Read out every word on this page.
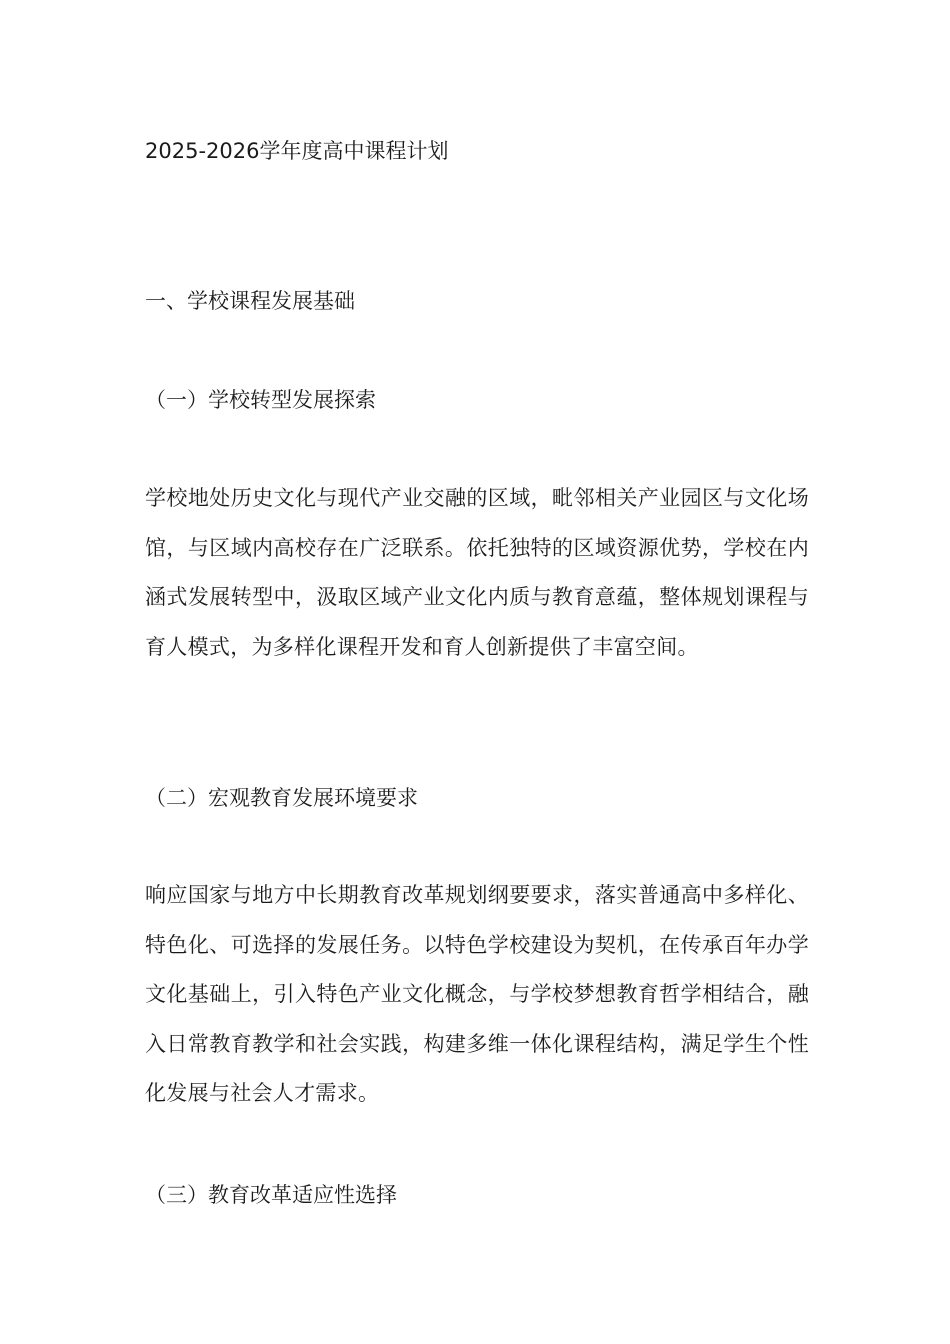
2025-2026学年度高中课程计划
一、学校课程发展基础
（一）学校转型发展探索

学校地处历史文化与现代产业交融的区域，毗邻相关产业园区与文化场馆，与区域内高校存在广泛联系。依托独特的区域资源优势，学校在内涵式发展转型中，汲取区域产业文化内质与教育意蕴，整体规划课程与育人模式，为多样化课程开发和育人创新提供了丰富空间。

（二）宏观教育发展环境要求

响应国家与地方中长期教育改革规划纲要要求，落实普通高中多样化、特色化、可选择的发展任务。以特色学校建设为契机，在传承百年办学文化基础上，引入特色产业文化概念，与学校梦想教育哲学相结合，融入日常教育教学和社会实践，构建多维一体化课程结构，满足学生个性化发展与社会人才需求。

（三）教育改革适应性选择
